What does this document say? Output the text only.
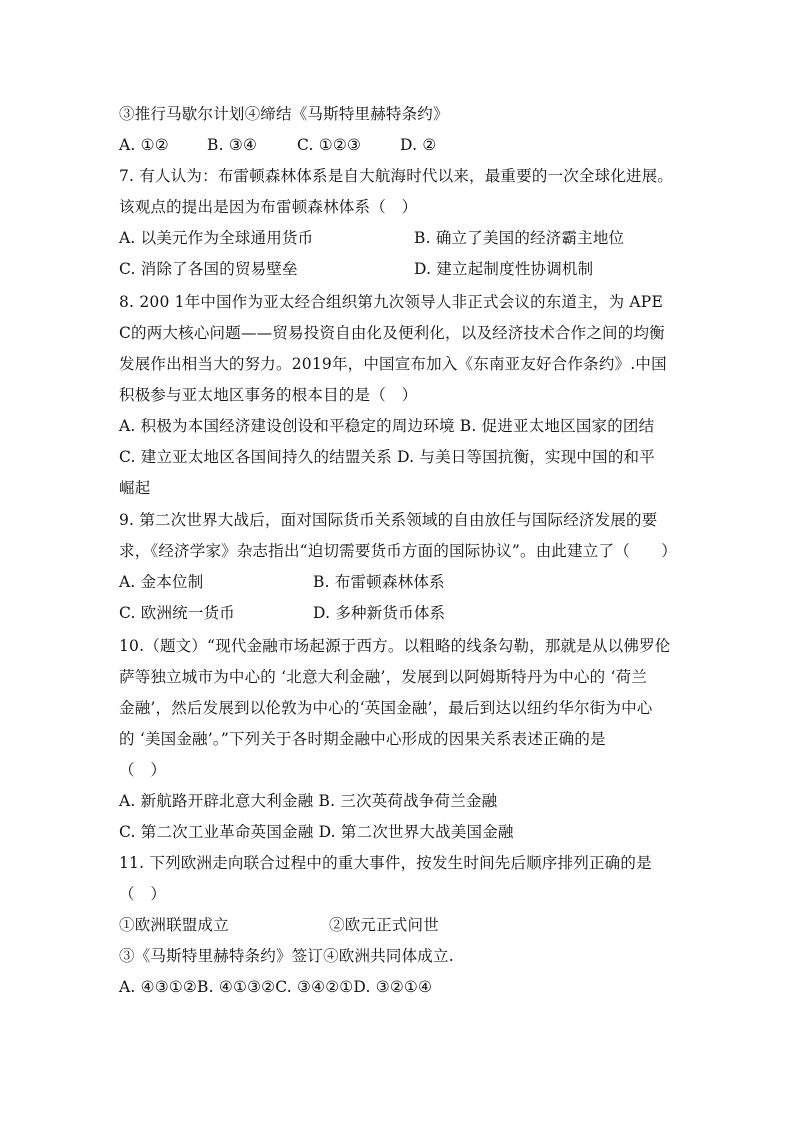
③推行马歇尔计划④缔结《马斯特里赫特条约》
A. ①② B. ③④	C. ①②③	D. ②
7. 有人认为：布雷顿森林体系是自大航海时代以来，最重要的一次全球化进展。
该观点的提出是因为布雷顿森林体系（　）
A. 以美元作为全球通用货币	B. 确立了美国的经济霸主地位
C. 消除了各国的贸易壁垒	D. 建立起制度性协调机制
8. 200 1年中国作为亚太经合组织第九次领导人非正式会议的东道主，为 APE
C的两大核心问题——贸易投资自由化及便利化，以及经济技术合作之间的均衡
发展作出相当大的努力。2019年，中国宣布加入《东南亚友好合作条约》.中国
积极参与亚太地区事务的根本目的是（　）
A. 积极为本国经济建设创设和平稳定的周边环境 B. 促进亚太地区国家的团结
C. 建立亚太地区各国间持久的结盟关系 D. 与美日等国抗衡，实现中国的和平
崛起
9. 第二次世界大战后，面对国际货币关系领域的自由放任与国际经济发展的要
求，《经济学家》杂志指出“迫切需要货币方面的国际协议”。由此建立了（　　）
A. 金本位制	B. 布雷顿森林体系
C. 欧洲统一货币	D. 多种新货币体系
10.（题文）“现代金融市场起源于西方。以粗略的线条勾勒，那就是从以佛罗伦
萨等独立城市为中心的 ‘北意大利金融’，发展到以阿姆斯特丹为中心的 ‘荷兰
金融’，然后发展到以伦敦为中心的‘英国金融’，最后到达以纽约华尔街为中心
的 ‘美国金融’。”下列关于各时期金融中心形成的因果关系表述正确的是
（　）
A. 新航路开辟北意大利金融 B. 三次英荷战争荷兰金融
C. 第二次工业革命英国金融 D. 第二次世界大战美国金融
11. 下列欧洲走向联合过程中的重大事件，按发生时间先后顺序排列正确的是
（　）
①欧洲联盟成立	②欧元正式问世
③《马斯特里赫特条约》签订④欧洲共同体成立.
A. ④③①②B. ④①③②C. ③④②①D. ③②①④
